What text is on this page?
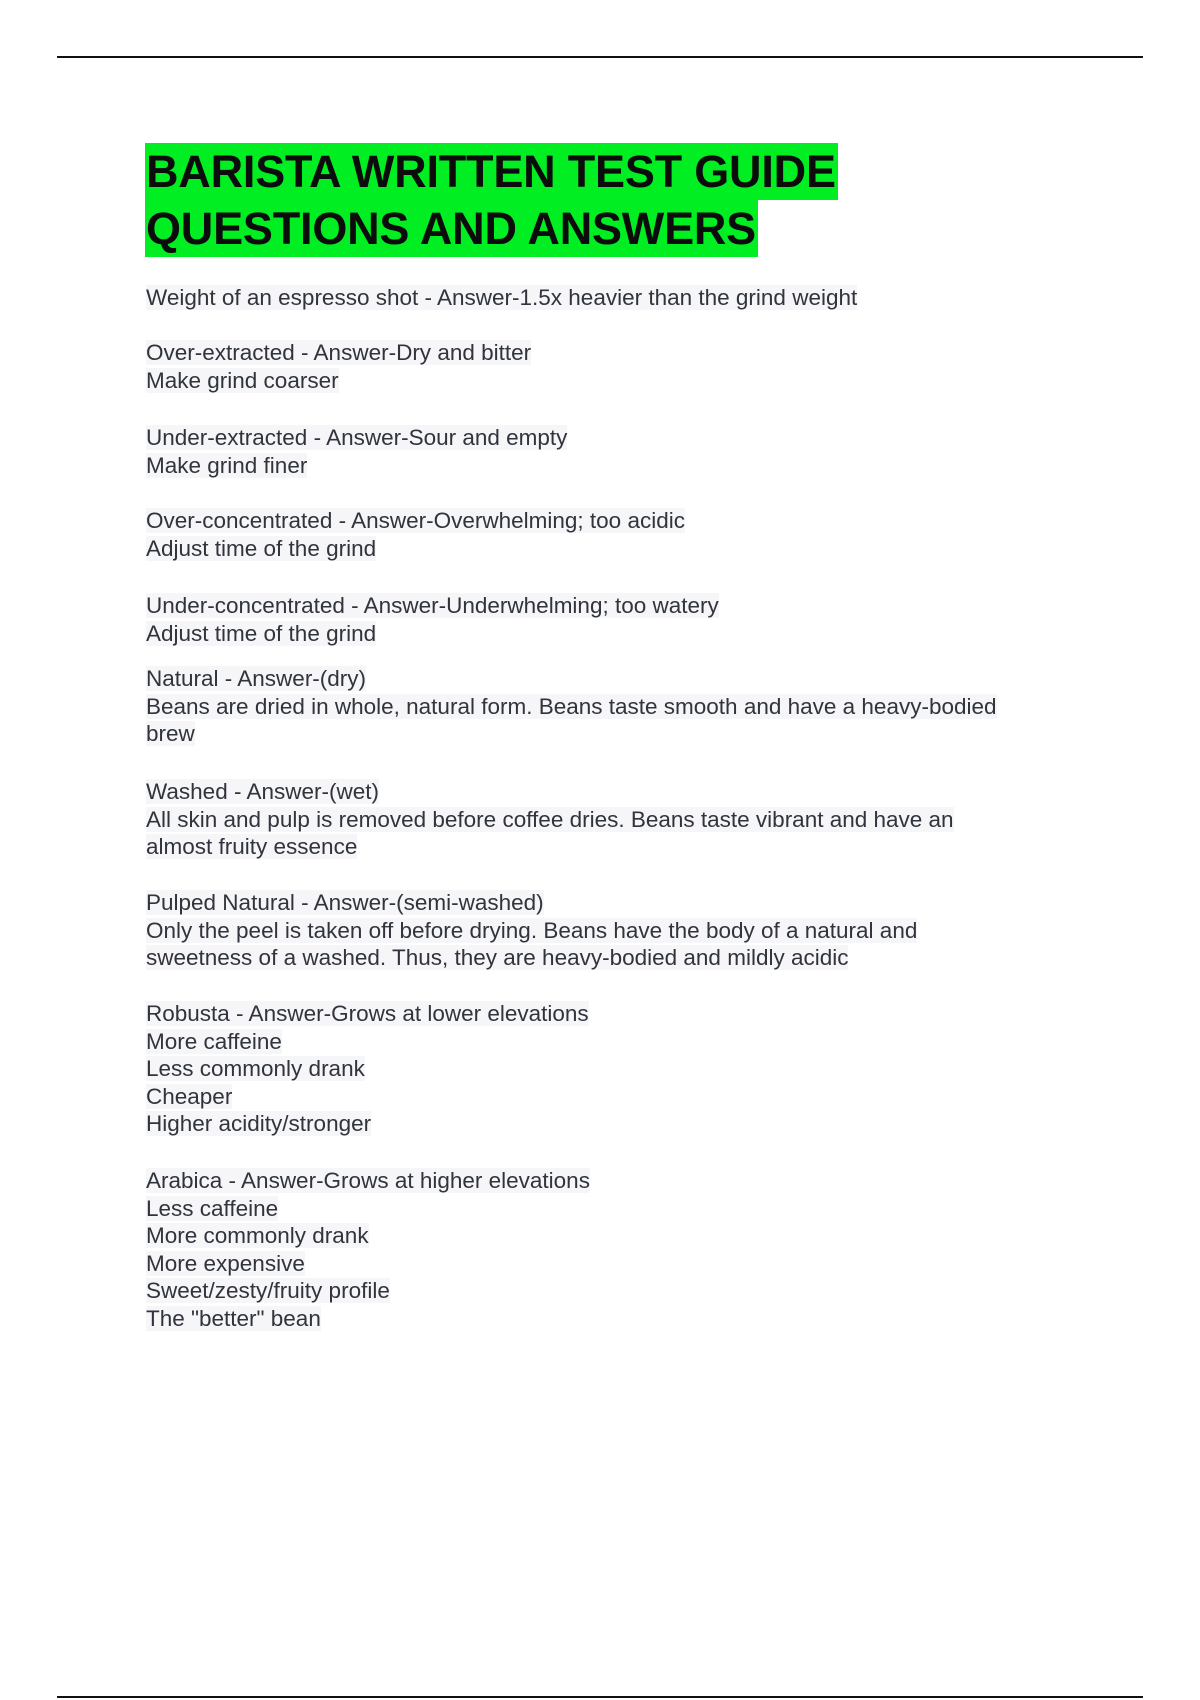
BARISTA WRITTEN TEST GUIDE
QUESTIONS AND ANSWERS
Weight of an espresso shot - Answer-1.5x heavier than the grind weight
Over-extracted - Answer-Dry and bitter
Make grind coarser
Under-extracted - Answer-Sour and empty
Make grind finer
Over-concentrated - Answer-Overwhelming; too acidic
Adjust time of the grind
Under-concentrated - Answer-Underwhelming; too watery
Adjust time of the grind
Natural - Answer-(dry)
Beans are dried in whole, natural form. Beans taste smooth and have a heavy-bodied
brew
Washed - Answer-(wet)
All skin and pulp is removed before coffee dries. Beans taste vibrant and have an
almost fruity essence
Pulped Natural - Answer-(semi-washed)
Only the peel is taken off before drying. Beans have the body of a natural and
sweetness of a washed. Thus, they are heavy-bodied and mildly acidic
Robusta - Answer-Grows at lower elevations
More caffeine
Less commonly drank
Cheaper
Higher acidity/stronger
Arabica - Answer-Grows at higher elevations
Less caffeine
More commonly drank
More expensive
Sweet/zesty/fruity profile
The "better" bean
